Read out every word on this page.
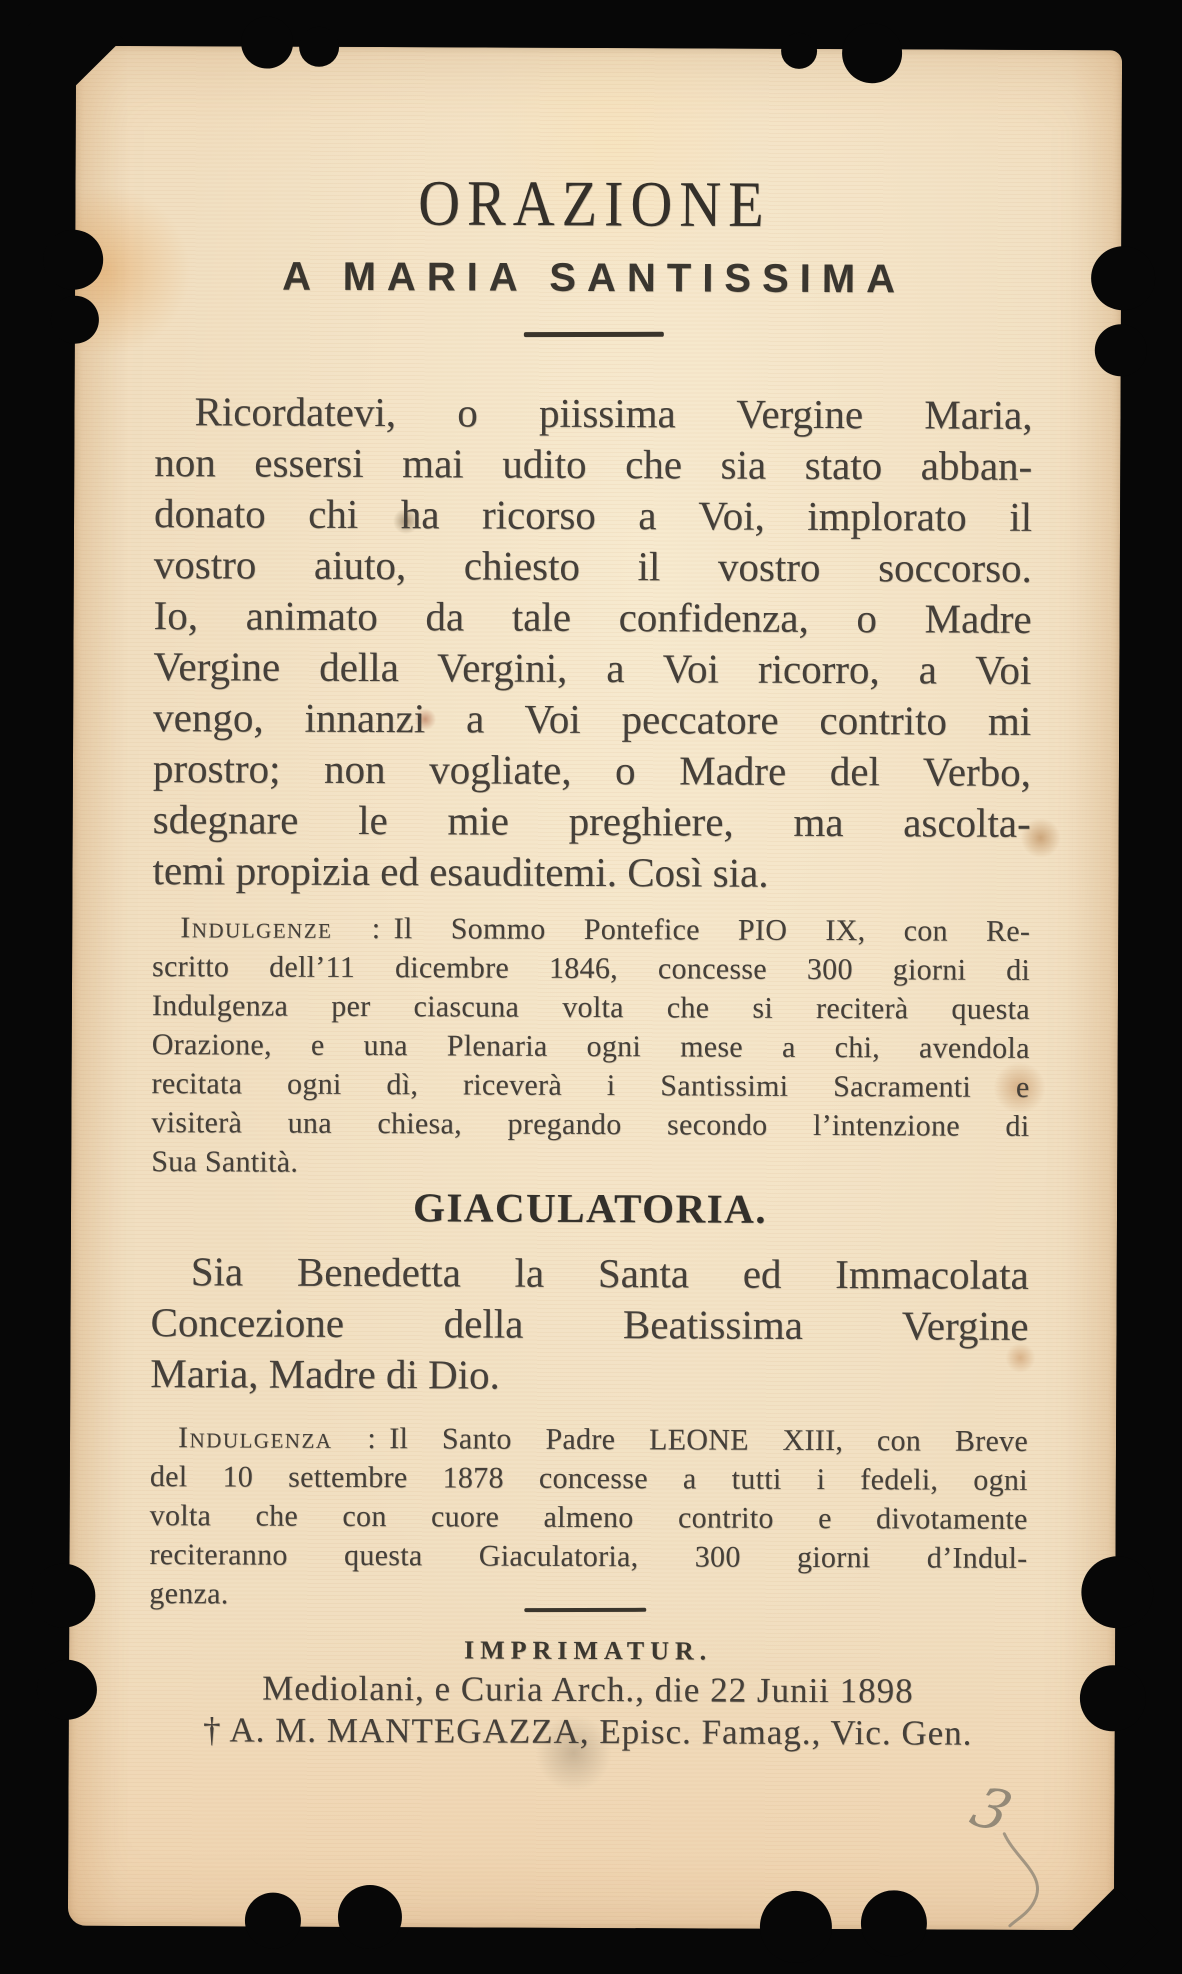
ORAZIONE
A MARIA SANTISSIMA
Ricordatevi, o piissima Vergine Maria,
non essersi mai udito che sia stato abban-
donato chi ha ricorso a Voi, implorato il
vostro aiuto, chiesto il vostro soccorso.
Io, animato da tale confidenza, o Madre
Vergine della Vergini, a Voi ricorro, a Voi
vengo, innanzi a Voi peccatore contrito mi
prostro; non vogliate, o Madre del Verbo,
sdegnare le mie preghiere, ma ascolta-
temi propizia ed esauditemi. Così sia.
Indulgenze : Il Sommo Pontefice PIO IX, con Re-
scritto dell’11 dicembre 1846, concesse 300 giorni di
Indulgenza per ciascuna volta che si reciterà questa
Orazione, e una Plenaria ogni mese a chi, avendola
recitata ogni dì, riceverà i Santissimi Sacramenti e
visiterà una chiesa, pregando secondo l’intenzione di
Sua Santità.
GIACULATORIA.
Sia Benedetta la Santa ed Immacolata
Concezione della Beatissima Vergine
Maria, Madre di Dio.
Indulgenza : Il Santo Padre LEONE XIII, con Breve
del 10 settembre 1878 concesse a tutti i fedeli, ogni
volta che con cuore almeno contrito e divotamente
reciteranno questa Giaculatoria, 300 giorni d’Indul-
genza.
IMPRIMATUR.
Mediolani, e Curia Arch., die 22 Junii 1898
† A. M. MANTEGAZZA, Episc. Famag., Vic. Gen.
3
